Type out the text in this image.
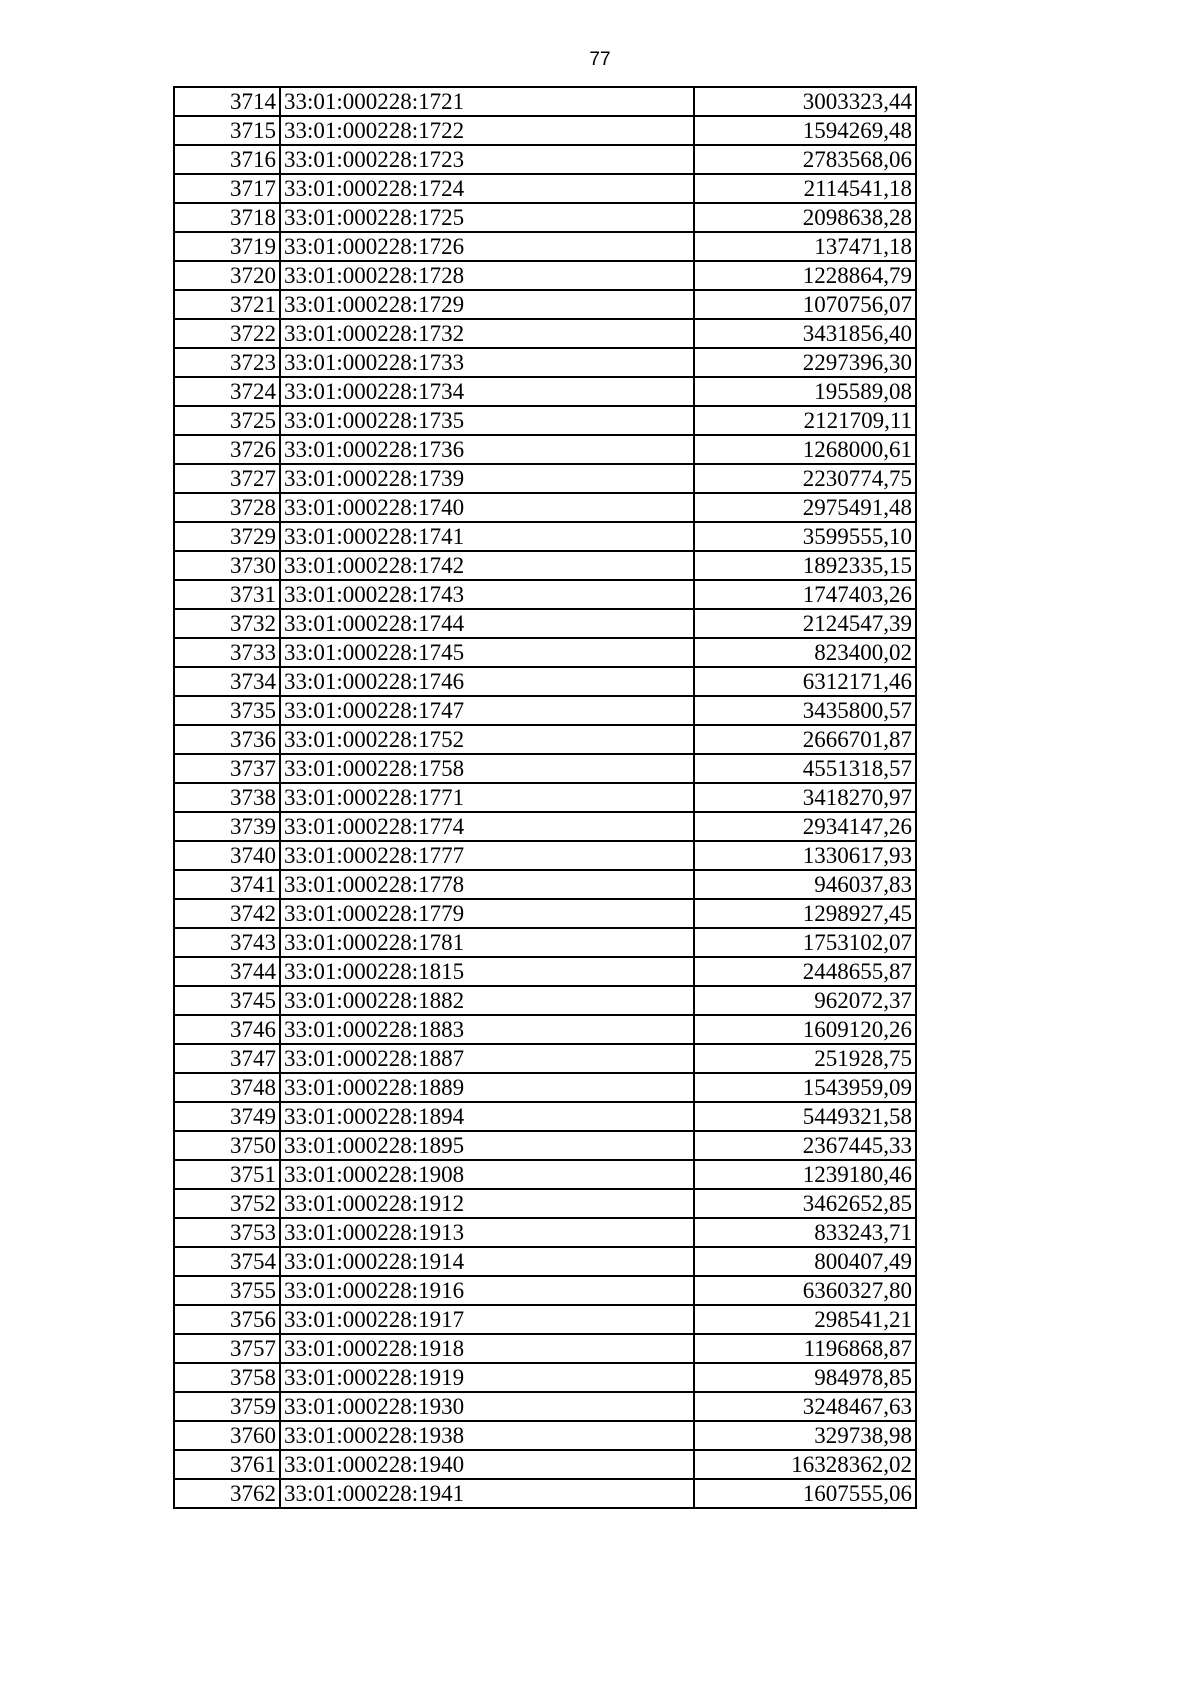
77
3714	33:01:000228:1721	3003323,44
3715	33:01:000228:1722	1594269,48
3716	33:01:000228:1723	2783568,06
3717	33:01:000228:1724	2114541,18
3718	33:01:000228:1725	2098638,28
3719	33:01:000228:1726	137471,18
3720	33:01:000228:1728	1228864,79
3721	33:01:000228:1729	1070756,07
3722	33:01:000228:1732	3431856,40
3723	33:01:000228:1733	2297396,30
3724	33:01:000228:1734	195589,08
3725	33:01:000228:1735	2121709,11
3726	33:01:000228:1736	1268000,61
3727	33:01:000228:1739	2230774,75
3728	33:01:000228:1740	2975491,48
3729	33:01:000228:1741	3599555,10
3730	33:01:000228:1742	1892335,15
3731	33:01:000228:1743	1747403,26
3732	33:01:000228:1744	2124547,39
3733	33:01:000228:1745	823400,02
3734	33:01:000228:1746	6312171,46
3735	33:01:000228:1747	3435800,57
3736	33:01:000228:1752	2666701,87
3737	33:01:000228:1758	4551318,57
3738	33:01:000228:1771	3418270,97
3739	33:01:000228:1774	2934147,26
3740	33:01:000228:1777	1330617,93
3741	33:01:000228:1778	946037,83
3742	33:01:000228:1779	1298927,45
3743	33:01:000228:1781	1753102,07
3744	33:01:000228:1815	2448655,87
3745	33:01:000228:1882	962072,37
3746	33:01:000228:1883	1609120,26
3747	33:01:000228:1887	251928,75
3748	33:01:000228:1889	1543959,09
3749	33:01:000228:1894	5449321,58
3750	33:01:000228:1895	2367445,33
3751	33:01:000228:1908	1239180,46
3752	33:01:000228:1912	3462652,85
3753	33:01:000228:1913	833243,71
3754	33:01:000228:1914	800407,49
3755	33:01:000228:1916	6360327,80
3756	33:01:000228:1917	298541,21
3757	33:01:000228:1918	1196868,87
3758	33:01:000228:1919	984978,85
3759	33:01:000228:1930	3248467,63
3760	33:01:000228:1938	329738,98
3761	33:01:000228:1940	16328362,02
3762	33:01:000228:1941	1607555,06
